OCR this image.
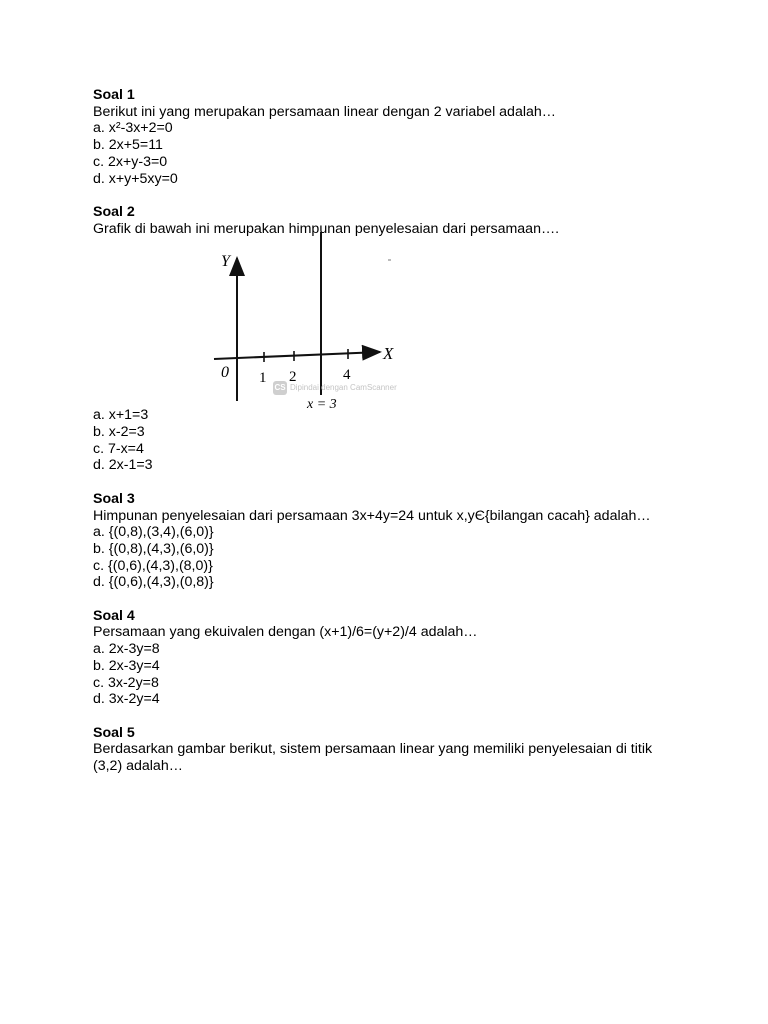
Soal 1
Berikut ini yang merupakan persamaan linear dengan 2 variabel adalah…
a. x²-3x+2=0
b. 2x+5=11
c. 2x+y-3=0
d. x+y+5xy=0
Soal 2
Grafik di bawah ini merupakan himpunan penyelesaian dari persamaan….
Y
X
0 1 2	4
x = 3
CS Dipindai dengan CamScanner
a. x+1=3
b. x-2=3
c. 7-x=4
d. 2x-1=3
Soal 3
Himpunan penyelesaian dari persamaan 3x+4y=24 untuk x,yЄ{bilangan cacah} adalah…
a. {(0,8),(3,4),(6,0)}
b. {(0,8),(4,3),(6,0)}
c. {(0,6),(4,3),(8,0)}
d. {(0,6),(4,3),(0,8)}
Soal 4
Persamaan yang ekuivalen dengan (x+1)/6=(y+2)/4 adalah…
a. 2x-3y=8
b. 2x-3y=4
c. 3x-2y=8
d. 3x-2y=4
Soal 5
Berdasarkan gambar berikut, sistem persamaan linear yang memiliki penyelesaian di titik (3,2) adalah…
